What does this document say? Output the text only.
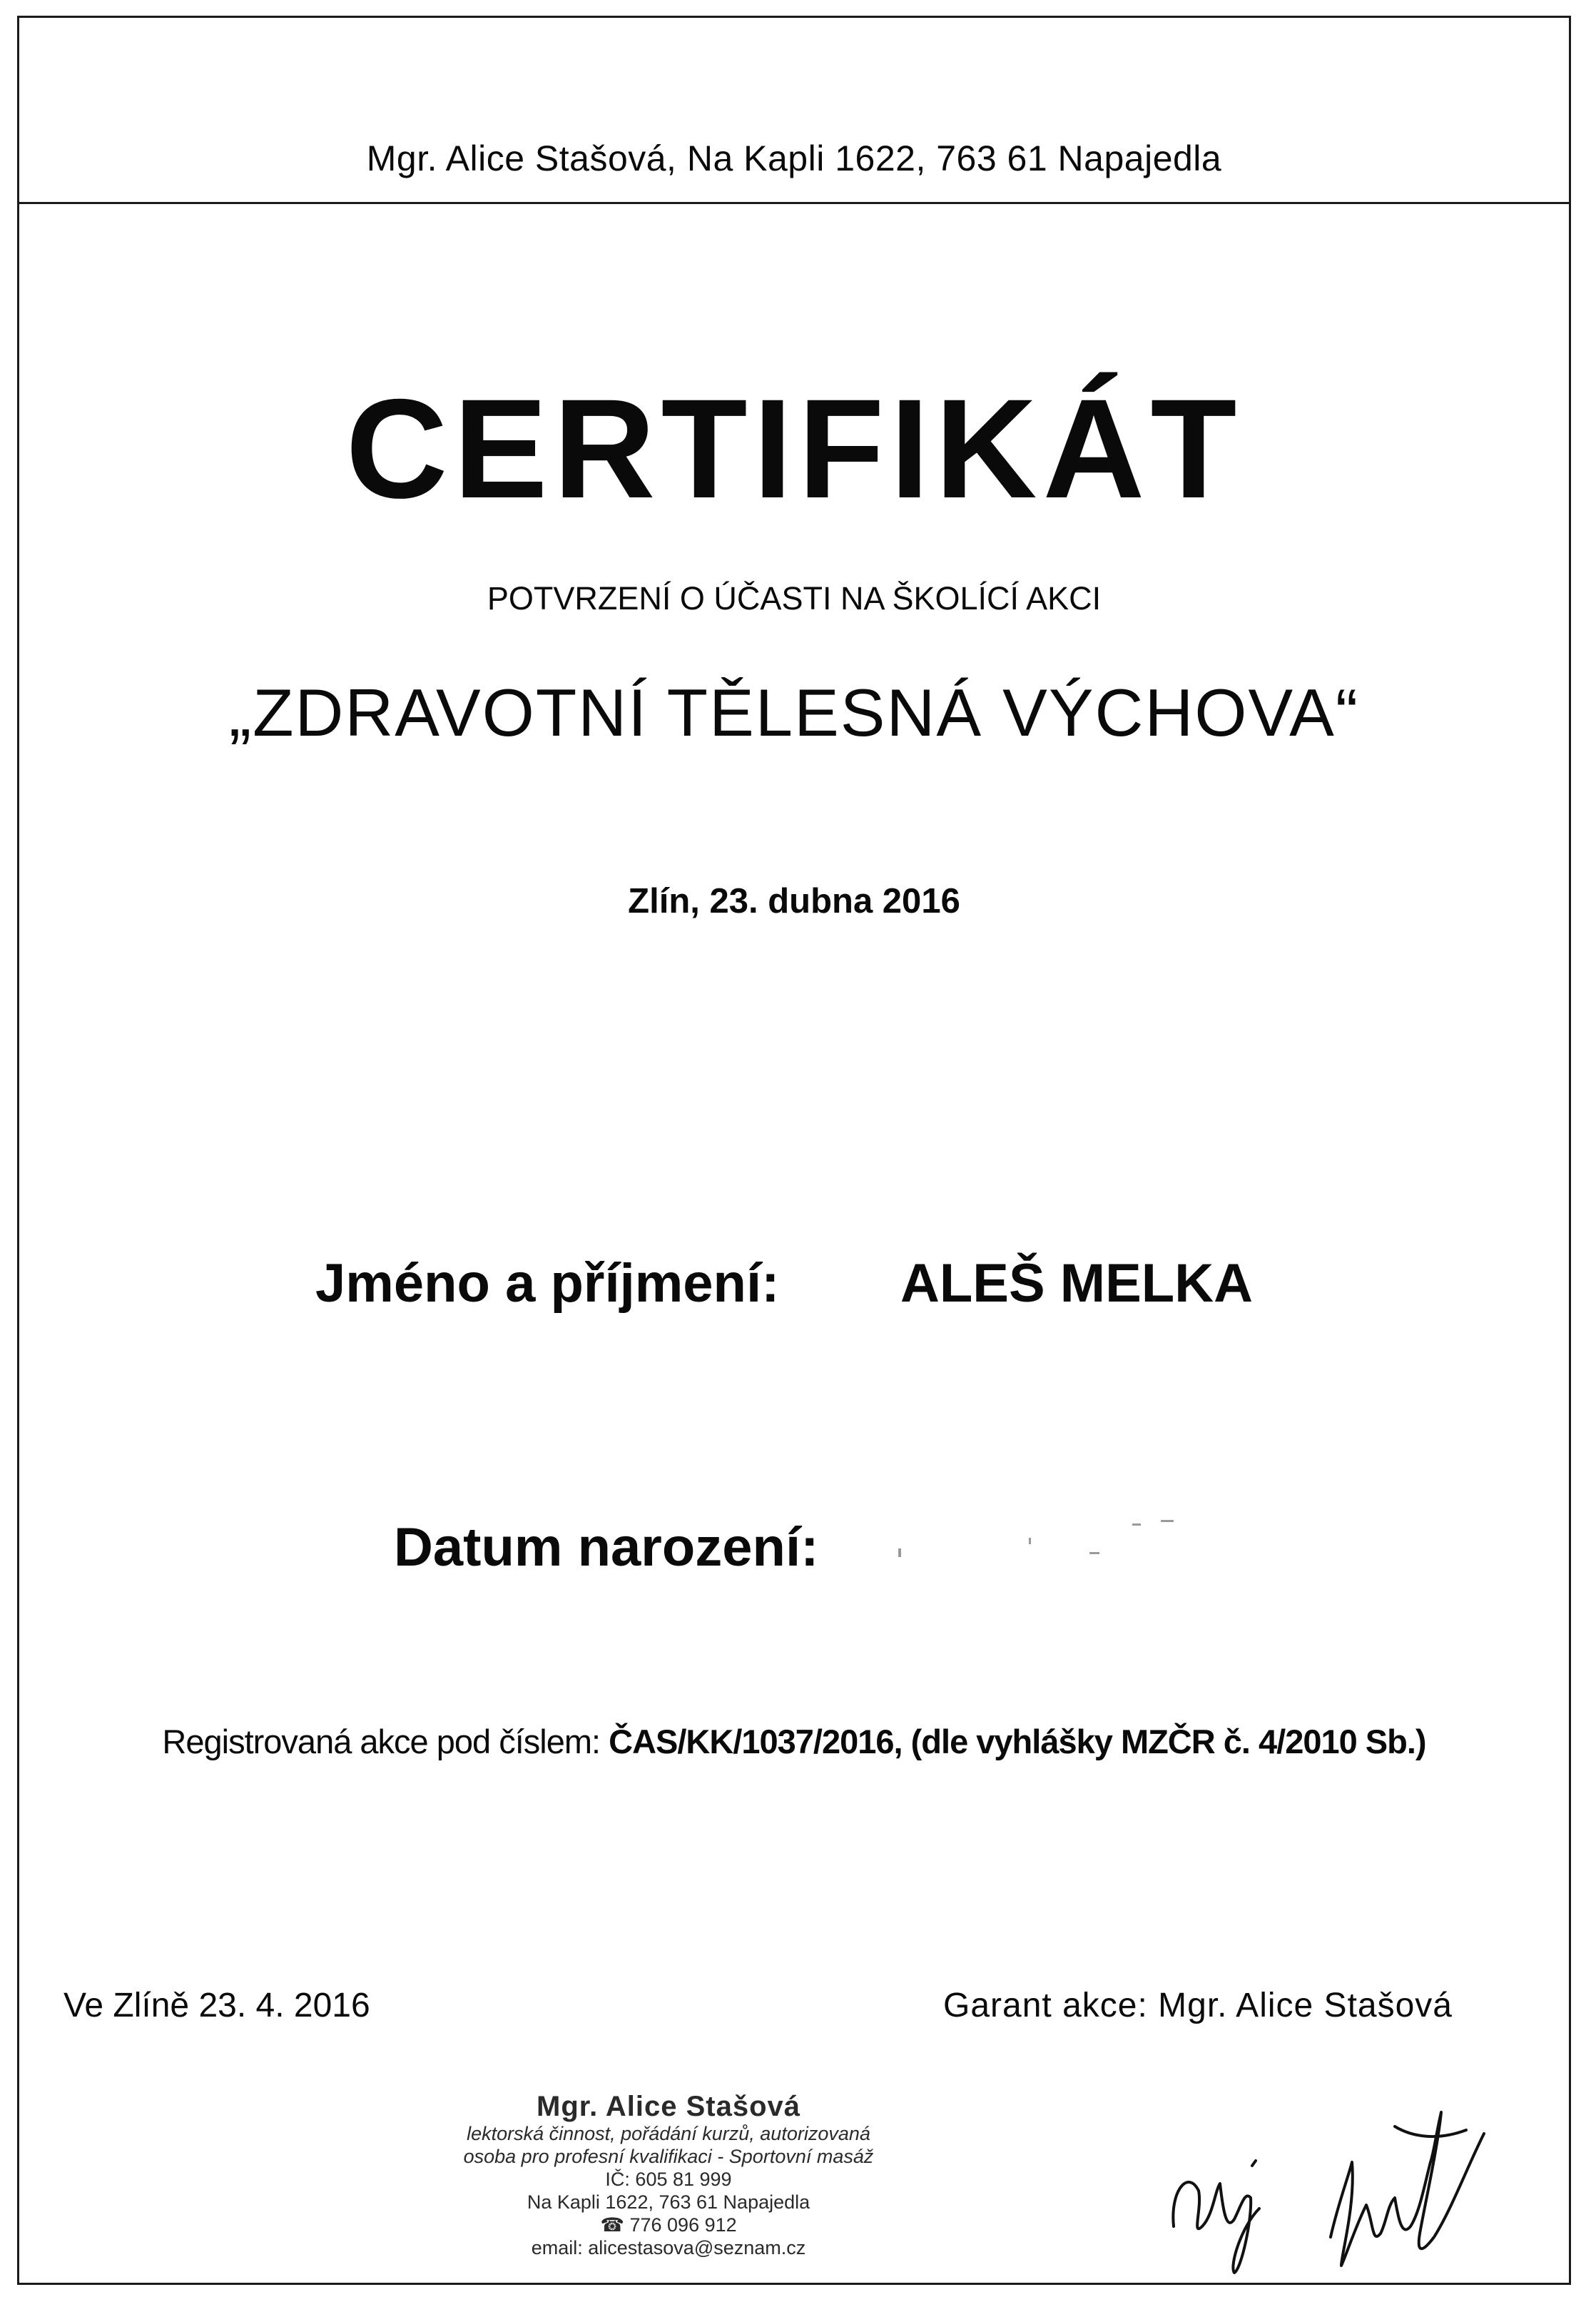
Mgr. Alice Stašová, Na Kapli 1622, 763 61 Napajedla
CERTIFIKÁT
POTVRZENÍ O ÚČASTI NA ŠKOLÍCÍ AKCI
„ZDRAVOTNÍ TĚLESNÁ VÝCHOVA“
Zlín, 23. dubna 2016
Jméno a příjmení: ALEŠ MELKA
Datum narození:
Registrovaná akce pod číslem: ČAS/KK/1037/2016, (dle vyhlášky MZČR č. 4/2010 Sb.)
Ve Zlíně 23. 4. 2016	Garant akce: Mgr. Alice Stašová
Mgr. Alice Stašová
lektorská činnost, pořádání kurzů, autorizovaná
osoba pro profesní kvalifikaci - Sportovní masáž
IČ: 605 81 999
Na Kapli 1622, 763 61 Napajedla
☎ 776 096 912
email: alicestasova@seznam.cz
